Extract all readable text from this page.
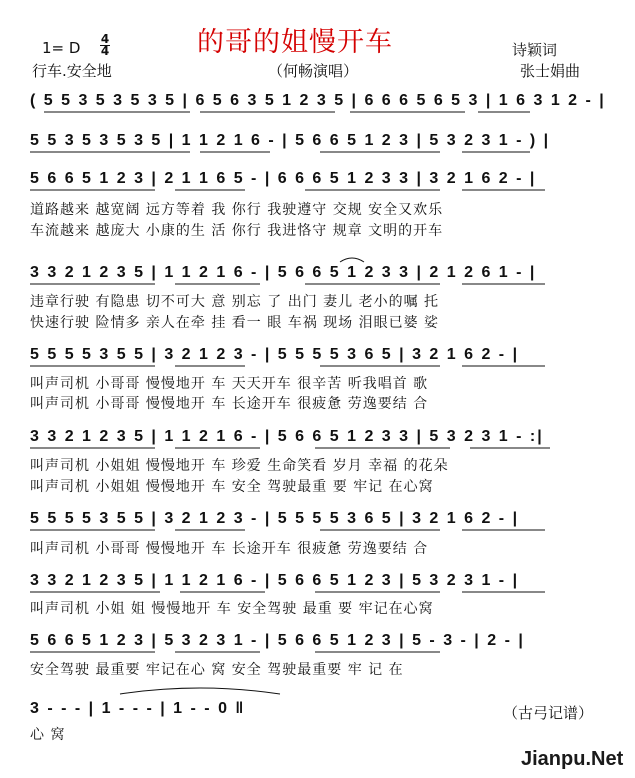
1= D 4
4	的哥的姐慢开车	诗颖词
行车.安全地	（何畅演唱）	张士娟曲
( 5 5 3 5 3 5 3 5 | 6 5 6 3 5 1 2 3 5 | 6 6 6 5 6 5 3 | 1 6 3 1 2 - |
5 5 3 5 3 5 3 5 | 1 1 2 1 6 - | 5 6 6 5 1 2 3 | 5 3 2 3 1 - ) |
5 6 6 5 1 2 3 | 2 1 1 6 5 - | 6 6 6 5 1 2 3 3 | 3 2 1 6 2 - |
道路越来 越宽阔 远方等着 我 你行 我驶遵守 交规 安全又欢乐
车流越来 越庞大 小康的生 活 你行 我进恪守 规章 文明的开车
3 3 2 1 2 3 5 | 1 1 2 1 6 - | 5 6 6 5 1 2 3 3 | 2 1 2 6 1 - |
违章行驶 有隐患 切不可大 意 别忘 了 出门 妻儿 老小的嘱 托
快速行驶 险情多 亲人在牵 挂 看一 眼 车祸 现场 泪眼已婆 娑
5 5 5 5 3 5 5 | 3 2 1 2 3 - | 5 5 5 5 3 6 5 | 3 2 1 6 2 - |
叫声司机 小哥哥 慢慢地开 车 天天开车 很辛苦 听我唱首 歌
叫声司机 小哥哥 慢慢地开 车 长途开车 很疲惫 劳逸要结 合
3 3 2 1 2 3 5 | 1 1 2 1 6 - | 5 6 6 5 1 2 3 3 | 5 3 2 3 1 - :|
叫声司机 小姐姐 慢慢地开 车 珍爱 生命笑看 岁月 幸福 的花朵
叫声司机 小姐姐 慢慢地开 车 安全 驾驶最重 要 牢记 在心窝
5 5 5 5 3 5 5 | 3 2 1 2 3 - | 5 5 5 5 3 6 5 | 3 2 1 6 2 - |
叫声司机 小哥哥 慢慢地开 车 长途开车 很疲惫 劳逸要结 合
3 3 2 1 2 3 5 | 1 1 2 1 6 - | 5 6 6 5 1 2 3 | 5 3 2 3 1 - |
叫声司机 小姐 姐 慢慢地开 车 安全驾驶 最重 要 牢记在心窝
5 6 6 5 1 2 3 | 5 3 2 3 1 - | 5 6 6 5 1 2 3 | 5 - 3 - | 2 - |
安全驾驶 最重要 牢记在心 窝 安全 驾驶最重要 牢 记 在
3 - - - | 1 - - - | 1 - - 0 ‖
心 窝
（古弓记谱）
Jianpu.Net
